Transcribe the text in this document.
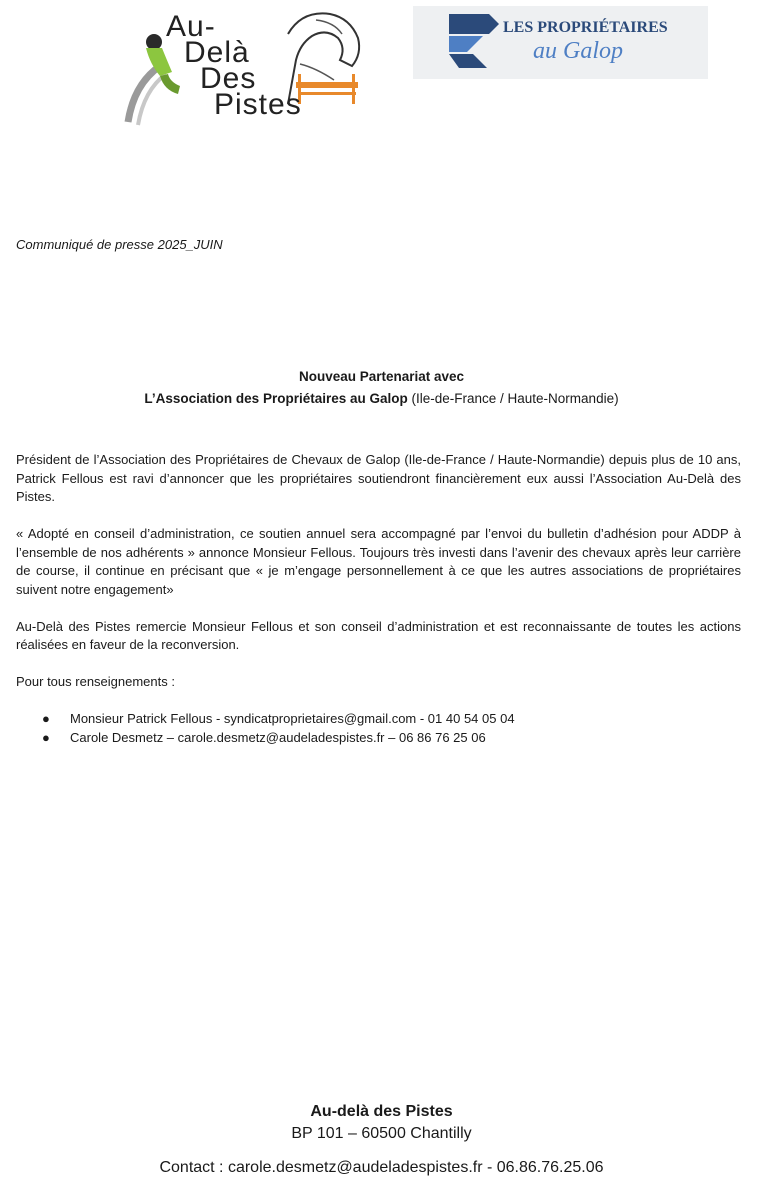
Au-
Delà
Des
Pistes
LES PROPRIÉTAIRES
au Galop
Communiqué de presse 2025_JUIN
Nouveau Partenariat avec
L’Association des Propriétaires au Galop (Ile-de-France / Haute-Normandie)

Président de l’Association des Propriétaires de Chevaux de Galop (Ile-de-France / Haute-Normandie) depuis plus de 10 ans, Patrick Fellous est ravi d’annoncer que les propriétaires soutiendront financièrement eux aussi l’Association Au-Delà des Pistes.

« Adopté en conseil d’administration, ce soutien annuel sera accompagné par l’envoi du bulletin d’adhésion pour ADDP à l’ensemble de nos adhérents » annonce Monsieur Fellous. Toujours très investi dans l’avenir des chevaux après leur carrière de course, il continue en précisant que « je m’engage personnellement à ce que les autres associations de propriétaires suivent notre engagement»

Au-Delà des Pistes remercie Monsieur Fellous et son conseil d’administration et est reconnaissante de toutes les actions réalisées en faveur de la reconversion.

Pour tous renseignements :

● Monsieur Patrick Fellous - syndicatproprietaires@gmail.com - 01 40 54 05 04
● Carole Desmetz – carole.desmetz@audeladespistes.fr – 06 86 76 25 06
Au-delà des Pistes
BP 101 – 60500 Chantilly
Contact : carole.desmetz@audeladespistes.fr - 06.86.76.25.06
